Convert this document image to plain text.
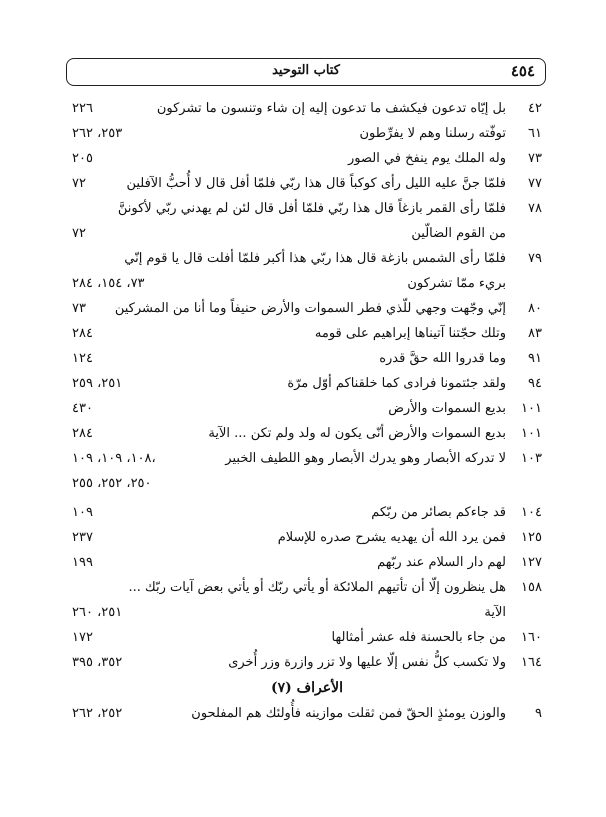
٤٥٤
كتاب التوحيد
٤٢
بل إيّاه تدعون فيكشف ما تدعون إليه إن شاء وتنسون ما تشركون
٢٢٦
٦١
توفّته رسلنا وهم لا يفرِّطون
٢٥٣، ٢٦٢
٧٣
وله الملك يوم ينفخ في الصور
٢٠٥
٧٧
فلمّا جنَّ عليه الليل رأى كوكباً قال هذا ربّي فلمّا أفل قال لا أُحبُّ الآفلين
٧٢
٧٨
فلمّا رأى القمر بازغاً قال هذا ربّي فلمّا أفل قال لئن لم يهدني ربّي لأكوننَّ
من القوم الضالّين
٧٢
٧٩
فلمّا رأى الشمس بازغة قال هذا ربّي هذا أكبر فلمّا أفلت قال يا قوم إنّي
بريء ممّا تشركون
٧٣، ١٥٤، ٢٨٤
٨٠
إنّي وجّهت وجهي للّذي فطر السموات والأرض حنيفاً وما أنا من المشركين
٧٣
٨٣
وتلك حجّتنا آتيناها إبراهيم على قومه
٢٨٤
٩١
وما قدروا الله حقَّ قدره
١٢٤
٩٤
ولقد جئتمونا فرادى كما خلقناكم أوّل مرّة
٢٥١، ٢٥٩
١٠١
بديع السموات والأرض
٤٣٠
١٠١
بديع السموات والأرض أنّى يكون له ولد ولم تكن ... الآية
٢٨٤
١٠٣
لا تدركه الأبصار وهو يدرك الأبصار وهو اللطيف الخبير
١٠٨، ١٠٩، ١٠٩،

٢٥٠، ٢٥٢، ٢٥٥
١٠٤
قد جاءكم بصائر من ربّكم
١٠٩
١٢٥
فمن يرد الله أن يهديه يشرح صدره للإسلام
٢٣٧
١٢٧
لهم دار السلام عند ربّهم
١٩٩
١٥٨
هل ينظرون إلّا أن تأتيهم الملائكة أو يأتي ربّك أو يأتي بعض آيات ربّك ...
الآية
٢٥١، ٢٦٠
١٦٠
من جاء بالحسنة فله عشر أمثالها
١٧٢
١٦٤
ولا تكسب كلُّ نفس إلّا عليها ولا تزر وازرة وزر أُخرى
٣٥٢، ٣٩٥
الأعراف (٧)
٩
والوزن يومئذٍ الحقّ فمن ثقلت موازينه فأُولئك هم المفلحون
٢٥٢، ٢٦٢
